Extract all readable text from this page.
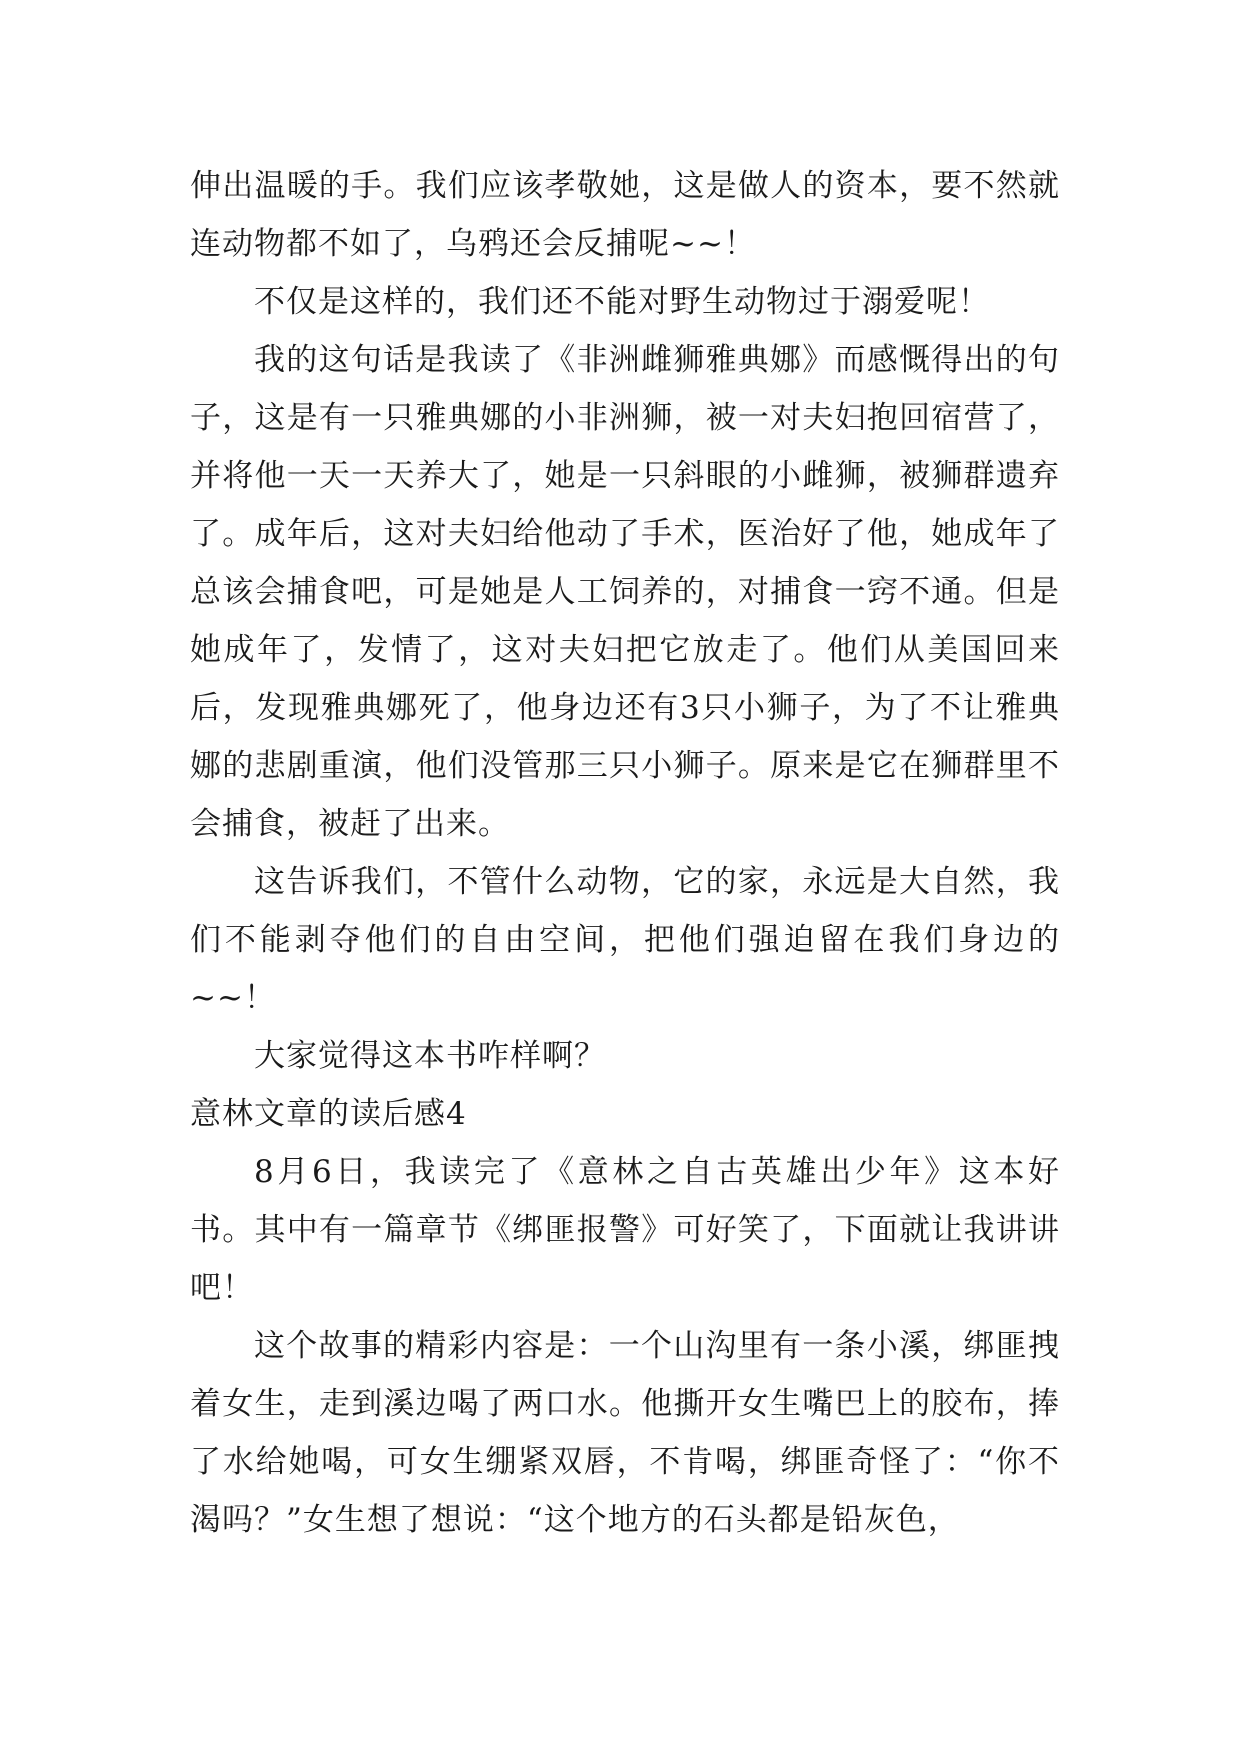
伸出温暖的手。我们应该孝敬她，这是做人的资本，要不然就连动物都不如了，乌鸦还会反捕呢~~！

不仅是这样的，我们还不能对野生动物过于溺爱呢！

我的这句话是我读了《非洲雌狮雅典娜》而感慨得出的句子，这是有一只雅典娜的小非洲狮，被一对夫妇抱回宿营了，并将他一天一天养大了，她是一只斜眼的小雌狮，被狮群遗弃了。成年后，这对夫妇给他动了手术，医治好了他，她成年了总该会捕食吧，可是她是人工饲养的，对捕食一窍不通。但是她成年了，发情了，这对夫妇把它放走了。他们从美国回来后，发现雅典娜死了，他身边还有3只小狮子，为了不让雅典娜的悲剧重演，他们没管那三只小狮子。原来是它在狮群里不会捕食，被赶了出来。

这告诉我们，不管什么动物，它的家，永远是大自然，我们不能剥夺他们的自由空间，把他们强迫留在我们身边的~~！

大家觉得这本书咋样啊？

意林文章的读后感4

8月6日，我读完了《意林之自古英雄出少年》这本好书。其中有一篇章节《绑匪报警》可好笑了，下面就让我讲讲吧！

这个故事的精彩内容是：一个山沟里有一条小溪，绑匪拽着女生，走到溪边喝了两口水。他撕开女生嘴巴上的胶布，捧了水给她喝，可女生绷紧双唇，不肯喝，绑匪奇怪了：“你不渴吗？”女生想了想说：“这个地方的石头都是铅灰色，
